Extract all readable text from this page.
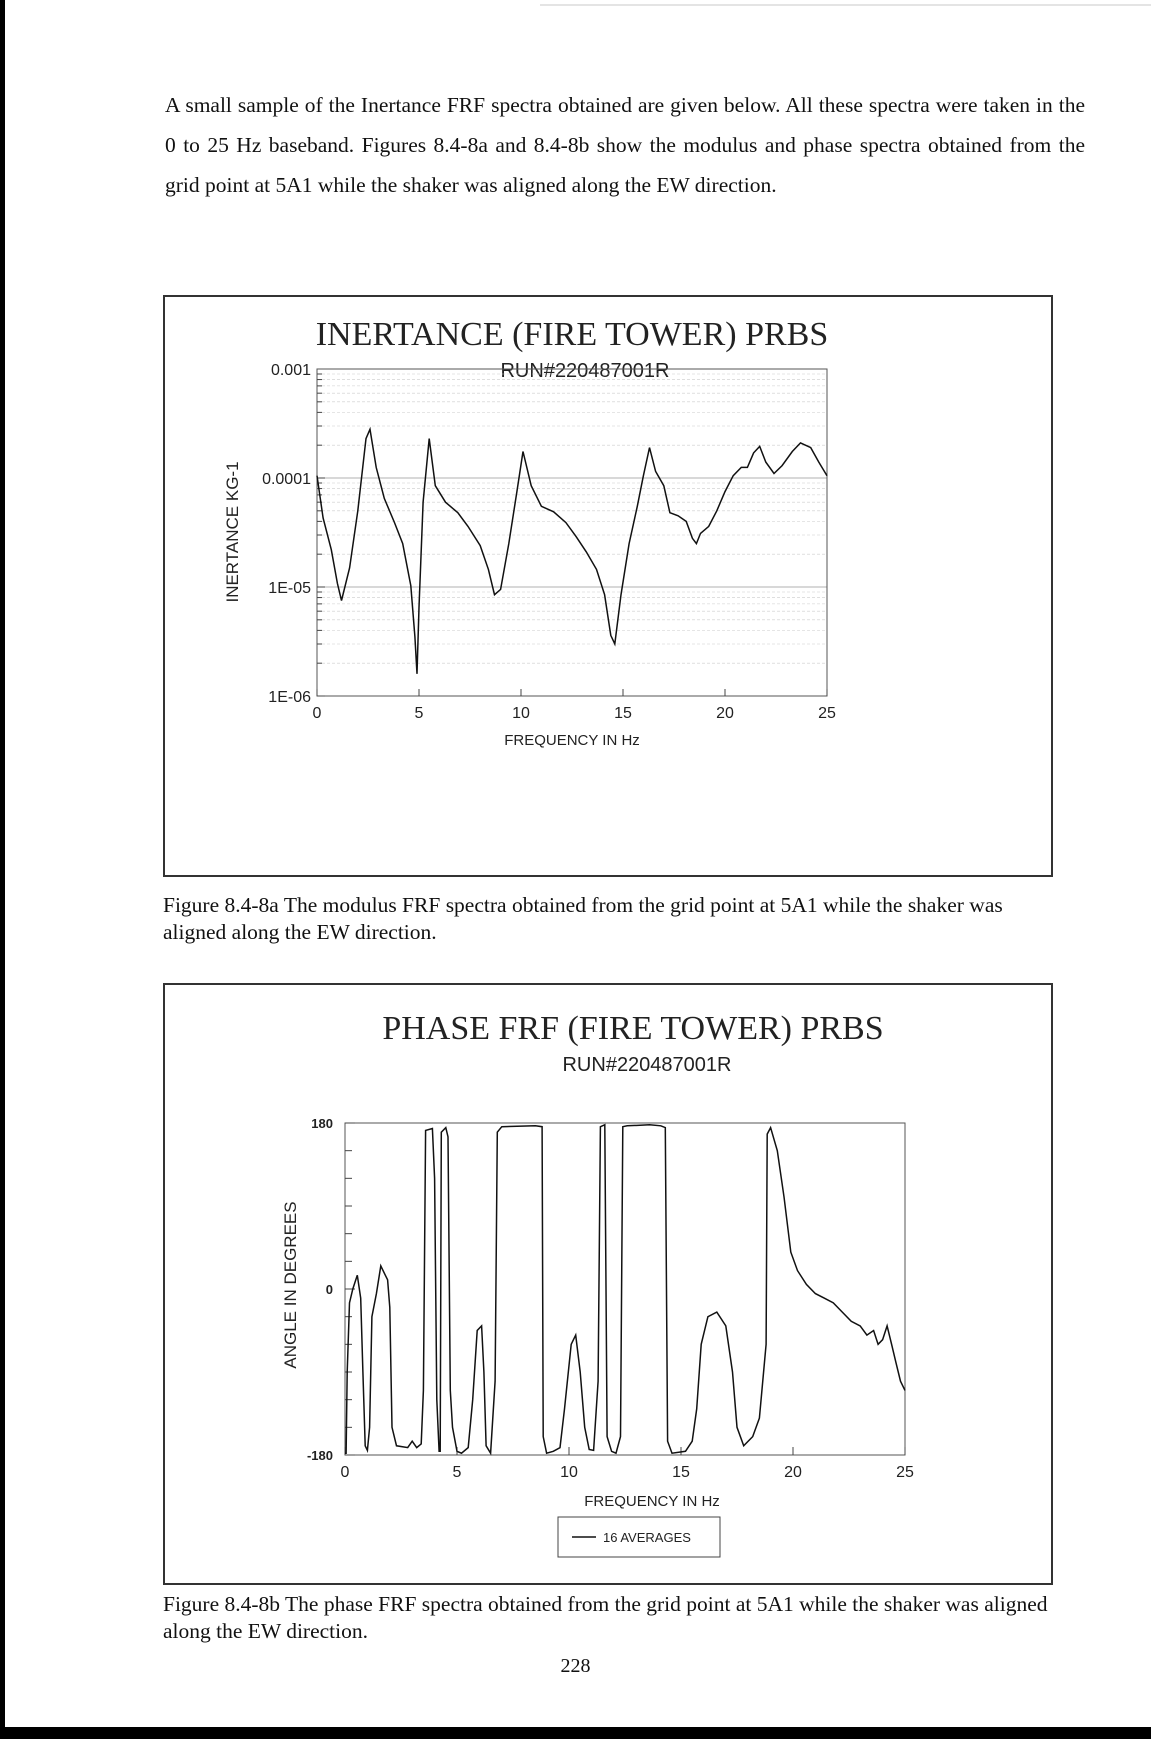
A small sample of the Inertance FRF spectra obtained are given below. All these spectra were taken in the 0 to 25 Hz baseband. Figures 8.4-8a and 8.4-8b show the modulus and phase spectra obtained from the grid point at 5A1 while the shaker was aligned along the EW direction.

INERTANCE (FIRE TOWER) PRBS
RUN#220487001R
0.001
0.0001
1E-05
1E-06
0	5	10	15	20	25
INERTANCE KG-1
FREQUENCY IN Hz

Figure 8.4-8a The modulus FRF spectra obtained from the grid point at 5A1 while the shaker was aligned along the EW direction.

PHASE FRF (FIRE TOWER) PRBS
RUN#220487001R
180
0
-180
0	5	10	15	20	25
ANGLE IN DEGREES
FREQUENCY IN Hz
16 AVERAGES

Figure 8.4-8b The phase FRF spectra obtained from the grid point at 5A1 while the shaker was aligned along the EW direction.

228
